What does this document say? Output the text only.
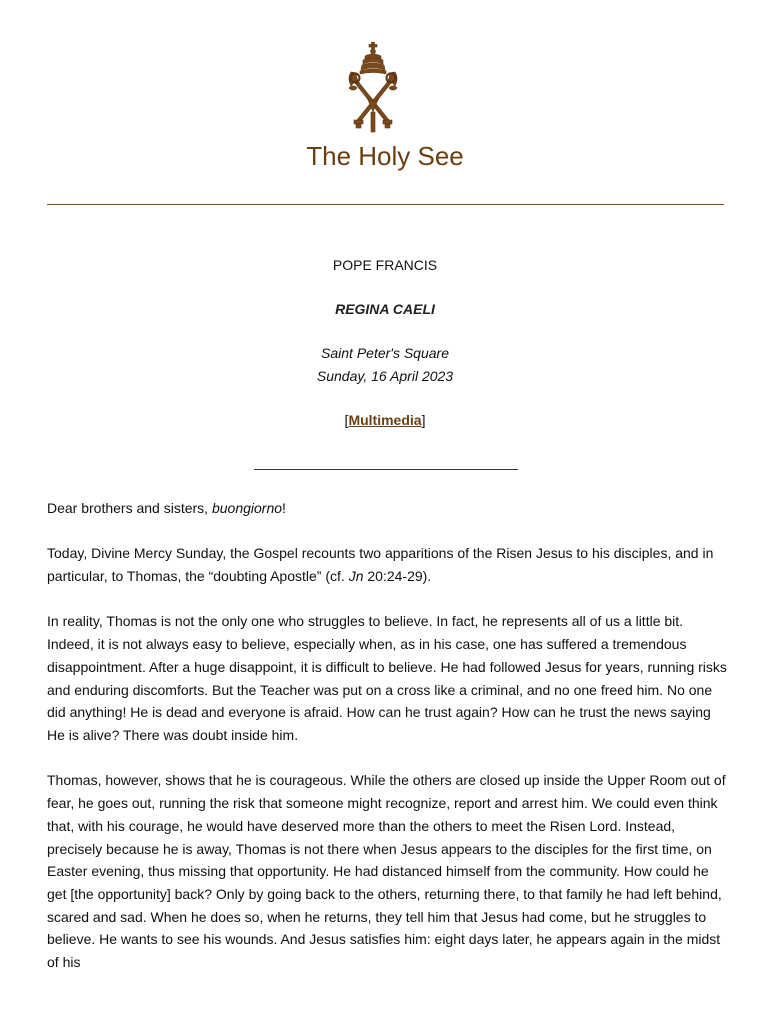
The Holy See
POPE FRANCIS
REGINA CAELI
Saint Peter's Square
Sunday, 16 April 2023
[Multimedia]

Dear brothers and sisters, buongiorno!

Today, Divine Mercy Sunday, the Gospel recounts two apparitions of the Risen Jesus to his disciples, and in particular, to Thomas, the “doubting Apostle” (cf. Jn 20:24-29).

In reality, Thomas is not the only one who struggles to believe. In fact, he represents all of us a little bit. Indeed, it is not always easy to believe, especially when, as in his case, one has suffered a tremendous disappointment. After a huge disappoint, it is difficult to believe. He had followed Jesus for years, running risks and enduring discomforts. But the Teacher was put on a cross like a criminal, and no one freed him. No one did anything! He is dead and everyone is afraid. How can he trust again? How can he trust the news saying He is alive? There was doubt inside him.

Thomas, however, shows that he is courageous. While the others are closed up inside the Upper Room out of fear, he goes out, running the risk that someone might recognize, report and arrest him. We could even think that, with his courage, he would have deserved more than the others to meet the Risen Lord. Instead, precisely because he is away, Thomas is not there when Jesus appears to the disciples for the first time, on Easter evening, thus missing that opportunity. He had distanced himself from the community. How could he get [the opportunity] back? Only by going back to the others, returning there, to that family he had left behind, scared and sad. When he does so, when he returns, they tell him that Jesus had come, but he struggles to believe. He wants to see his wounds. And Jesus satisfies him: eight days later, he appears again in the midst of his
